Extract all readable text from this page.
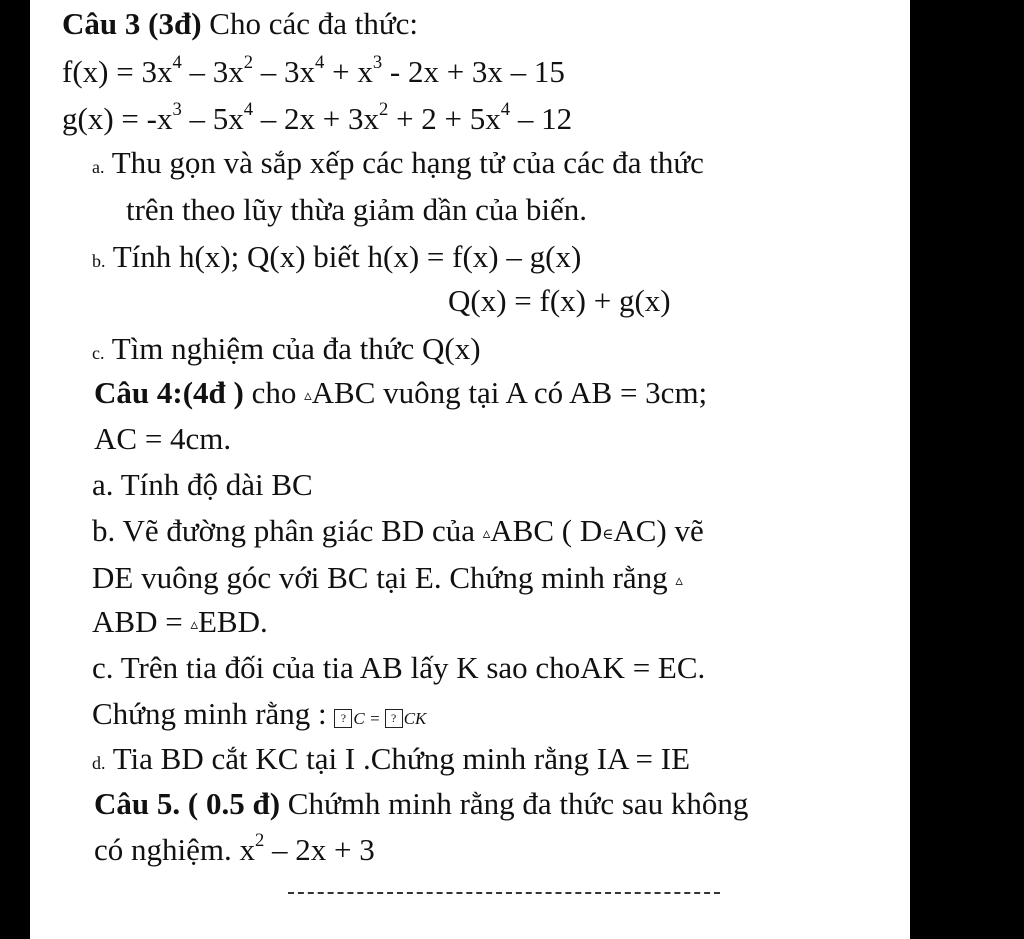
Câu 3 (3đ) Cho các đa thức:
$f(x) = 3x^4 - 3x^2 - 3x^4 + x^3 - 2x + 3x - 15$
$g(x) = -x^3 - 5x^4 - 2x + 3x^2 + 2 + 5x^4 - 12$
a. Thu gọn và sắp xếp các hạng tử của các đa thức
trên theo lũy thừa giảm dần của biến.
b. Tính h(x); Q(x) biết h(x) = f(x) – g(x)
Q(x) = f(x) + g(x)
c. Tìm nghiệm của đa thức Q(x)
Câu 4:(4đ ) cho ▵ABC vuông tại A có AB = 3cm;
AC = 4cm.
a. Tính độ dài BC
b. Vẽ đường phân giác BD của ▵ABC ( D∈AC) vẽ
DE vuông góc với BC tại E. Chứng minh rằng ▵
ABD = ▵EBD.
c. Trên tia đối của tia AB lấy K sao choAK = EC.
Chứng minh rằng : ? C = ? CK
d. Tia BD cắt KC tại I .Chứng minh rằng IA = IE
Câu 5. ( 0.5 đ) Chứmh minh rằng đa thức sau không
có nghiệm. $x^2 - 2x + 3$
